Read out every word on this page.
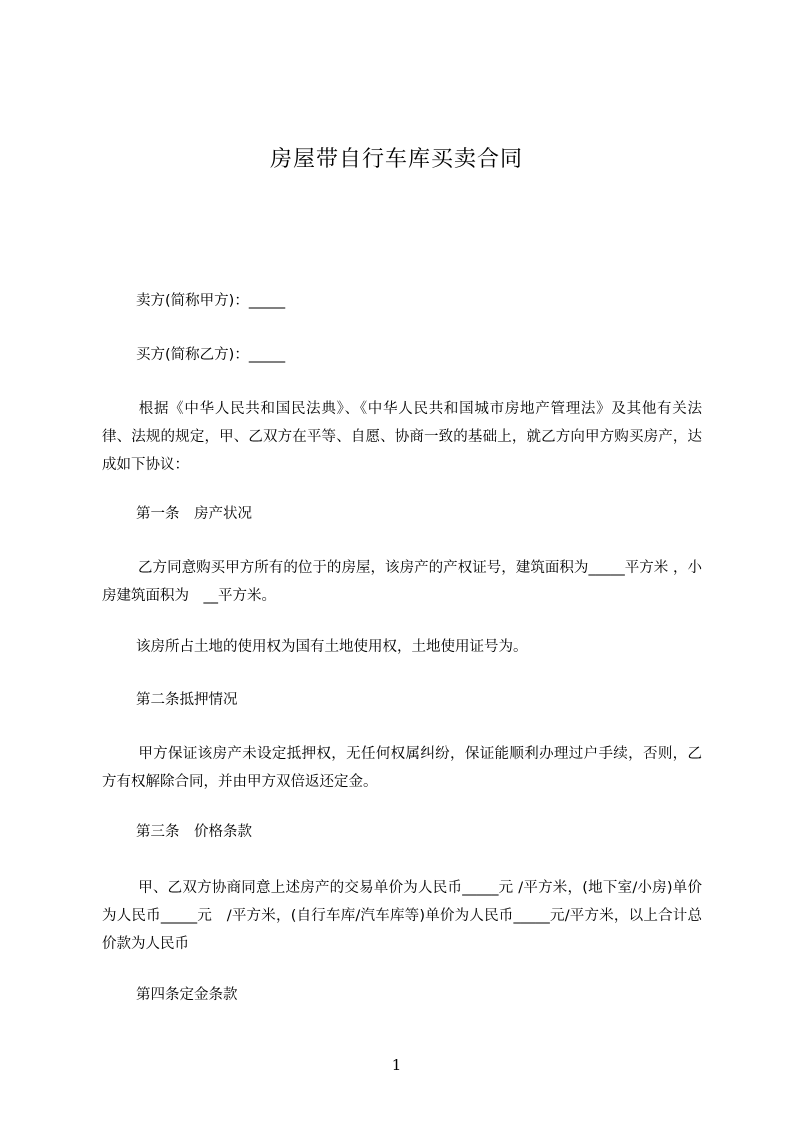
房屋带自行车库买卖合同
卖方(简称甲方)：_____
买方(简称乙方)：_____
根据《中华人民共和国民法典》、《中华人民共和国城市房地产管理法》及其他有关法律、法规的规定，甲、乙双方在平等、自愿、协商一致的基础上，就乙方向甲方购买房产，达成如下协议：
第一条　房产状况
乙方同意购买甲方所有的位于的房屋，该房产的产权证号，建筑面积为_____平方米 ，小房建筑面积为　__平方米。
该房所占土地的使用权为国有土地使用权，土地使用证号为。
第二条抵押情况
甲方保证该房产未设定抵押权，无任何权属纠纷，保证能顺利办理过户手续，否则，乙方有权解除合同，并由甲方双倍返还定金。
第三条　价格条款
甲、乙双方协商同意上述房产的交易单价为人民币_____元 /平方米，(地下室/小房)单价为人民币_____元　/平方米，(自行车库/汽车库等)单价为人民币_____元/平方米，以上合计总价款为人民币
第四条定金条款
1
